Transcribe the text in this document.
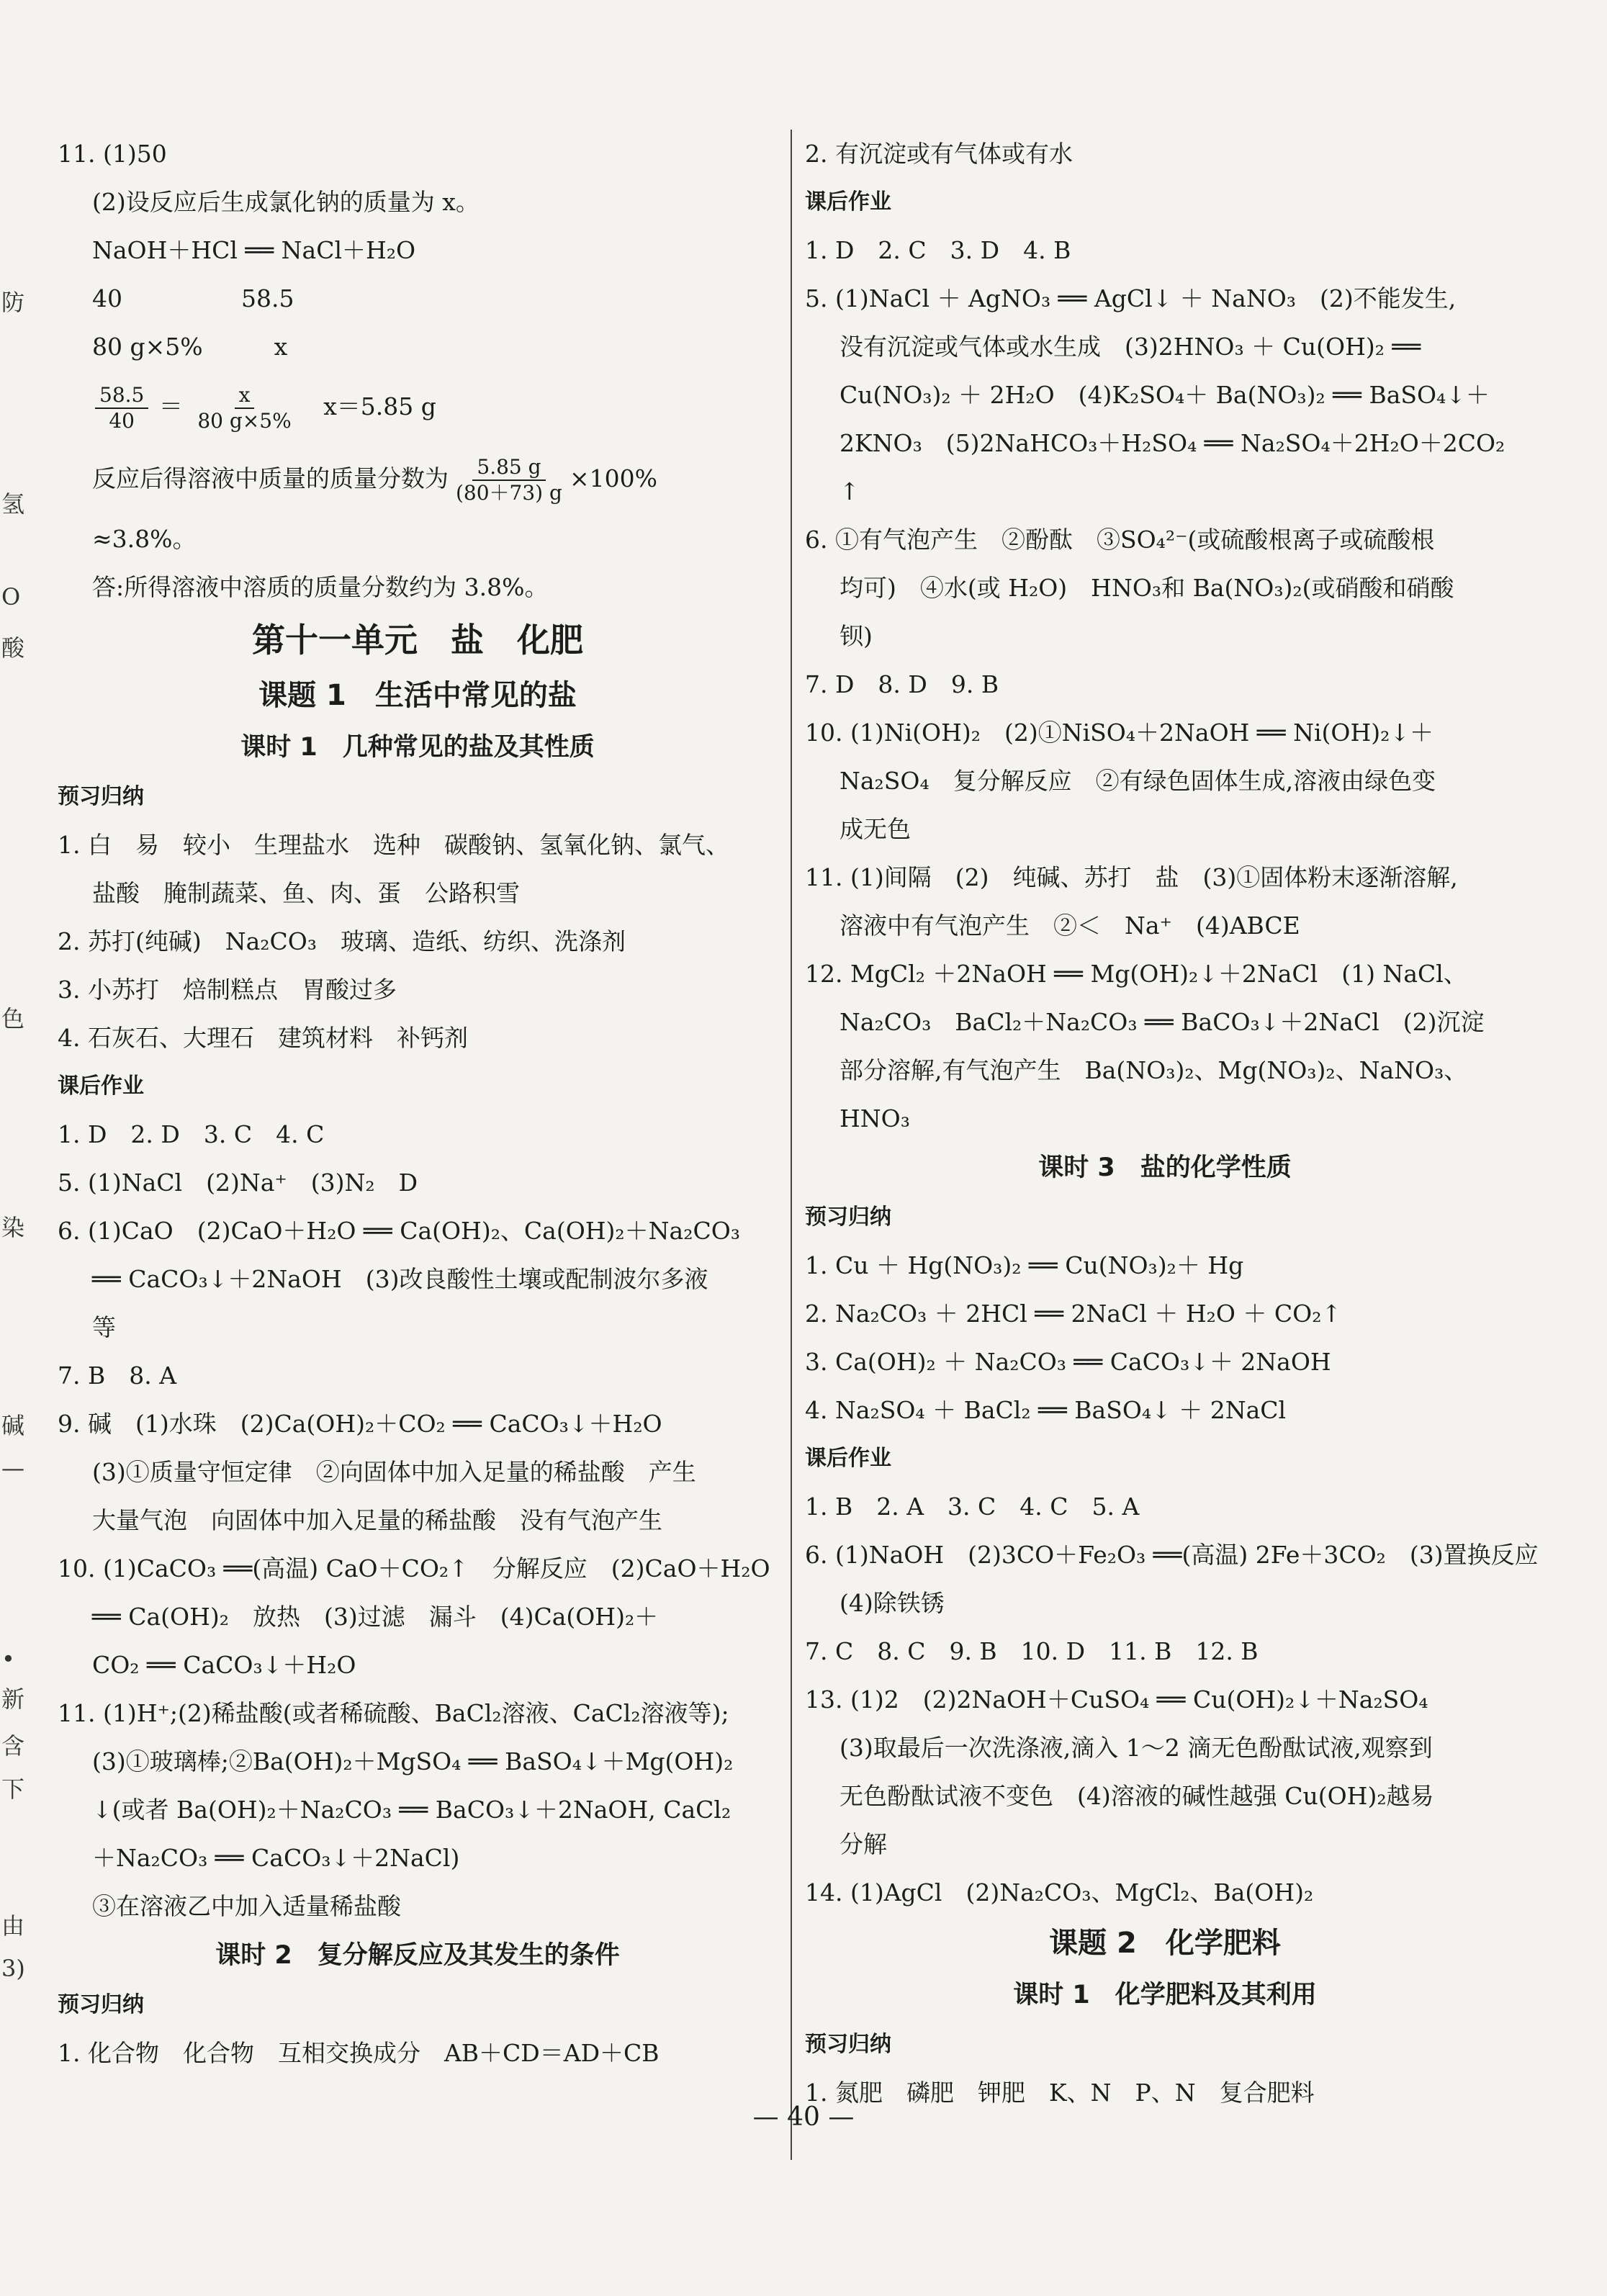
防
氢
O
酸
色
染
碱
—
•
新
含
下
由
3)
11. (1)50
(2)设反应后生成氯化钠的质量为 x。
NaOH＋HCl ══ NaCl＋H₂O
40　　　　　58.5
80 g×5%　　　x
$\frac{58.5}{40} = \frac{x}{80 g\times 5\%} x=5.85$ g
反应后得溶液中质量的质量分数为 $\frac{5.85 g}{(80+73) g} \times 100\%$
≈3.8%。
答:所得溶液中溶质的质量分数约为 3.8%。
第十一单元　盐　化肥
课题 1　生活中常见的盐
课时 1　几种常见的盐及其性质
预习归纳
1. 白　易　较小　生理盐水　选种　碳酸钠、氢氧化钠、氯气、
盐酸　腌制蔬菜、鱼、肉、蛋　公路积雪
2. 苏打(纯碱)　Na₂CO₃　玻璃、造纸、纺织、洗涤剂
3. 小苏打　焙制糕点　胃酸过多
4. 石灰石、大理石　建筑材料　补钙剂
课后作业
1. D　2. D　3. C　4. C
5. (1)NaCl　(2)Na⁺　(3)N₂　D
6. (1)CaO　(2)CaO＋H₂O ══ Ca(OH)₂、Ca(OH)₂＋Na₂CO₃
══ CaCO₃↓＋2NaOH　(3)改良酸性土壤或配制波尔多液
等
7. B　8. A
9. 碱　(1)水珠　(2)Ca(OH)₂＋CO₂ ══ CaCO₃↓＋H₂O
(3)①质量守恒定律　②向固体中加入足量的稀盐酸　产生
大量气泡　向固体中加入足量的稀盐酸　没有气泡产生
10. (1)CaCO₃ ══(高温) CaO＋CO₂↑　分解反应　(2)CaO＋H₂O
══ Ca(OH)₂　放热　(3)过滤　漏斗　(4)Ca(OH)₂＋
CO₂ ══ CaCO₃↓＋H₂O
11. (1)H⁺;(2)稀盐酸(或者稀硫酸、BaCl₂溶液、CaCl₂溶液等);
(3)①玻璃棒;②Ba(OH)₂＋MgSO₄ ══ BaSO₄↓＋Mg(OH)₂
↓(或者 Ba(OH)₂＋Na₂CO₃ ══ BaCO₃↓＋2NaOH, CaCl₂
＋Na₂CO₃ ══ CaCO₃↓＋2NaCl)
③在溶液乙中加入适量稀盐酸
课时 2　复分解反应及其发生的条件
预习归纳
1. 化合物　化合物　互相交换成分　AB＋CD＝AD＋CB
2. 有沉淀或有气体或有水
课后作业
1. D　2. C　3. D　4. B
5. (1)NaCl ＋ AgNO₃ ══ AgCl↓ ＋ NaNO₃　(2)不能发生,
没有沉淀或气体或水生成　(3)2HNO₃ ＋ Cu(OH)₂ ══
Cu(NO₃)₂ ＋ 2H₂O　(4)K₂SO₄＋ Ba(NO₃)₂ ══ BaSO₄↓＋
2KNO₃　(5)2NaHCO₃＋H₂SO₄ ══ Na₂SO₄＋2H₂O＋2CO₂
↑
6. ①有气泡产生　②酚酞　③SO₄²⁻(或硫酸根离子或硫酸根
均可)　④水(或 H₂O)　HNO₃和 Ba(NO₃)₂(或硝酸和硝酸
钡)
7. D　8. D　9. B
10. (1)Ni(OH)₂　(2)①NiSO₄＋2NaOH ══ Ni(OH)₂↓＋
Na₂SO₄　复分解反应　②有绿色固体生成,溶液由绿色变
成无色
11. (1)间隔　(2)　纯碱、苏打　盐　(3)①固体粉末逐渐溶解,
溶液中有气泡产生　②＜　Na⁺　(4)ABCE
12. MgCl₂ ＋2NaOH ══ Mg(OH)₂↓＋2NaCl　(1) NaCl、
Na₂CO₃　BaCl₂＋Na₂CO₃ ══ BaCO₃↓＋2NaCl　(2)沉淀
部分溶解,有气泡产生　Ba(NO₃)₂、Mg(NO₃)₂、NaNO₃、
HNO₃
课时 3　盐的化学性质
预习归纳
1. Cu ＋ Hg(NO₃)₂ ══ Cu(NO₃)₂＋ Hg
2. Na₂CO₃ ＋ 2HCl ══ 2NaCl ＋ H₂O ＋ CO₂↑
3. Ca(OH)₂ ＋ Na₂CO₃ ══ CaCO₃↓＋ 2NaOH
4. Na₂SO₄ ＋ BaCl₂ ══ BaSO₄↓ ＋ 2NaCl
课后作业
1. B　2. A　3. C　4. C　5. A
6. (1)NaOH　(2)3CO＋Fe₂O₃ ══(高温) 2Fe＋3CO₂　(3)置换反应
(4)除铁锈
7. C　8. C　9. B　10. D　11. B　12. B
13. (1)2　(2)2NaOH＋CuSO₄ ══ Cu(OH)₂↓＋Na₂SO₄
(3)取最后一次洗涤液,滴入 1～2 滴无色酚酞试液,观察到
无色酚酞试液不变色　(4)溶液的碱性越强 Cu(OH)₂越易
分解
14. (1)AgCl　(2)Na₂CO₃、MgCl₂、Ba(OH)₂
课题 2　化学肥料
课时 1　化学肥料及其利用
预习归纳
1. 氮肥　磷肥　钾肥　K、N　P、N　复合肥料
— 40 —
